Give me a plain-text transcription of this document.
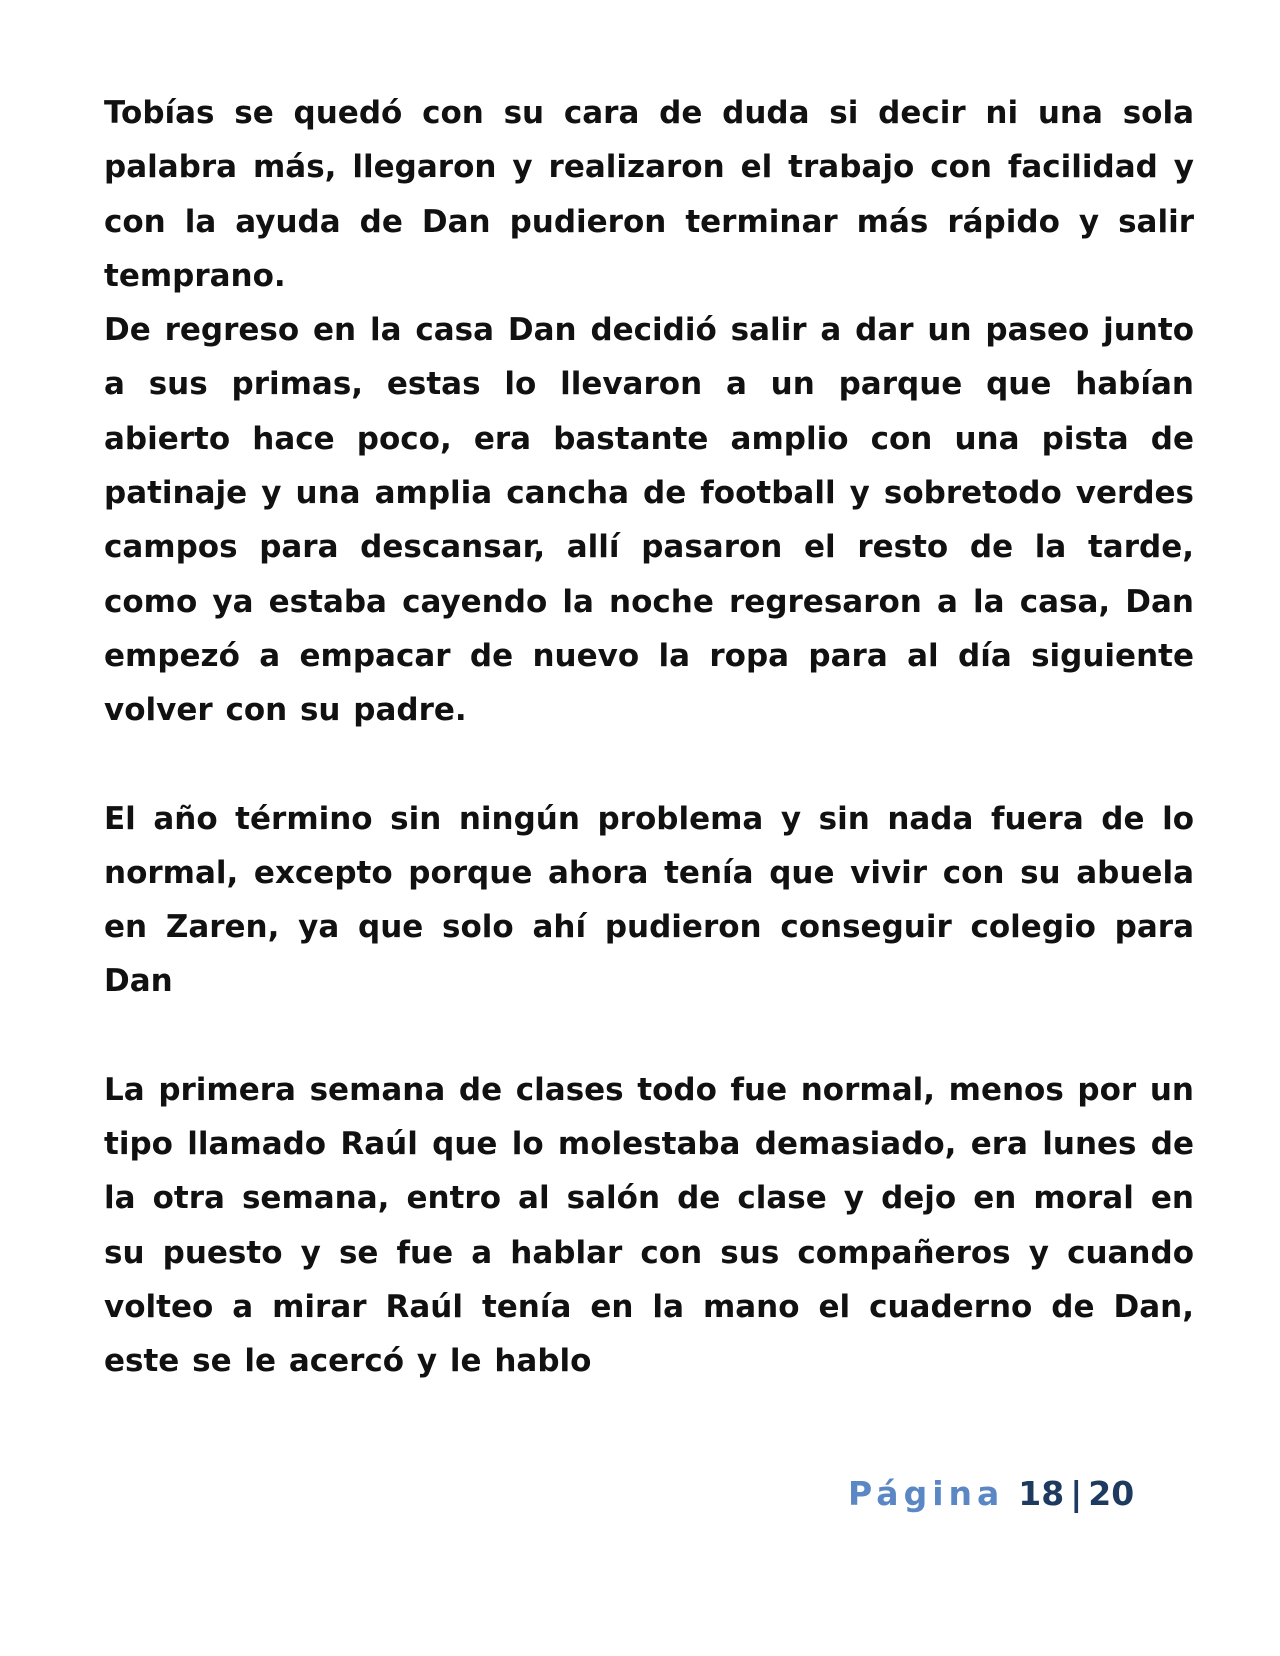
Tobías se quedó con su cara de duda si decir ni una sola palabra más, llegaron y realizaron el trabajo con facilidad y con la ayuda de Dan pudieron terminar más rápido y salir temprano.

De regreso en la casa Dan decidió salir a dar un paseo junto a sus primas, estas lo llevaron a un parque que habían abierto hace poco, era bastante amplio con una pista de patinaje y una amplia cancha de football y sobretodo verdes campos para descansar, allí pasaron el resto de la tarde, como ya estaba cayendo la noche regresaron a la casa, Dan empezó a empacar de nuevo la ropa para al día siguiente volver con su padre.

El año término sin ningún problema y sin nada fuera de lo normal, excepto porque ahora tenía que vivir con su abuela en Zaren, ya que solo ahí pudieron conseguir colegio para Dan

La primera semana de clases todo fue normal, menos por un tipo llamado Raúl que lo molestaba demasiado, era lunes de la otra semana, entro al salón de clase y dejo en moral en su puesto y se fue a hablar con sus compañeros y cuando volteo a mirar Raúl tenía en la mano el cuaderno de Dan, este se le acercó y le hablo

Página 18 | 20
